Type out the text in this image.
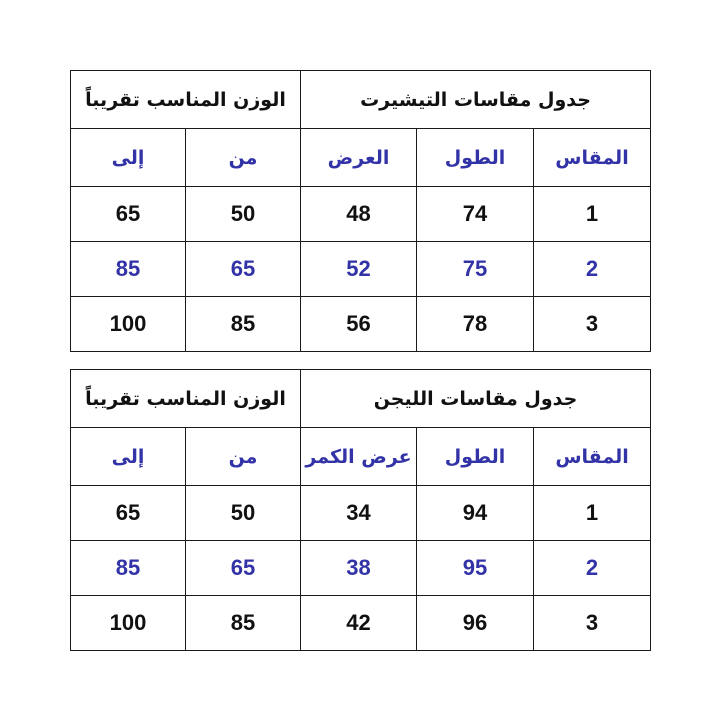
جدول مقاسات التيشيرت			الوزن المناسب تقريباً	
المقاس	الطول	العرض	من	إلى
1	74	48	50	65
2	75	52	65	85
3	78	56	85	100
جدول مقاسات الليجن			الوزن المناسب تقريباً	
المقاس	الطول	عرض الكمر	من	إلى
1	94	34	50	65
2	95	38	65	85
3	96	42	85	100
